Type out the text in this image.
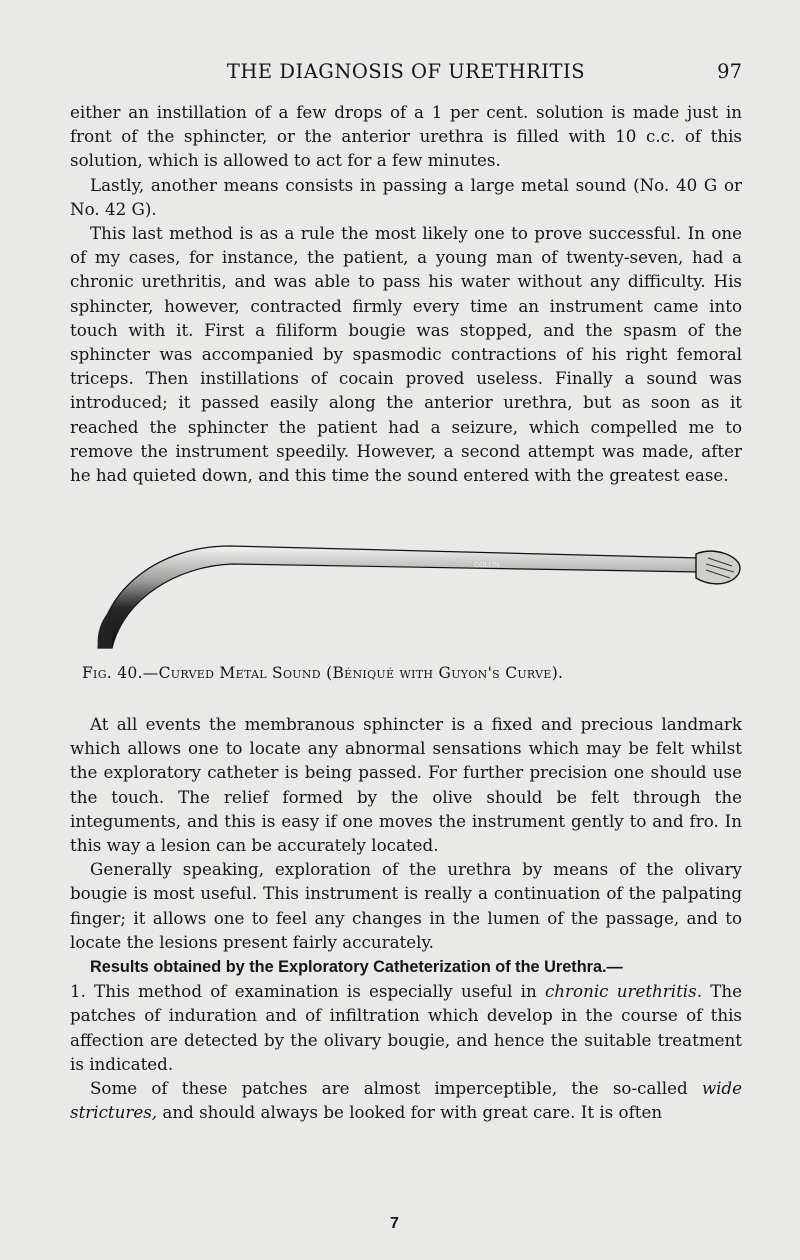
THE DIAGNOSIS OF URETHRITIS	97

either an instillation of a few drops of a 1 per cent. solution is made just in front of the sphincter, or the anterior urethra is filled with 10 c.c. of this solution, which is allowed to act for a few minutes.

Lastly, another means consists in passing a large metal sound (No. 40 G or No. 42 G).

This last method is as a rule the most likely one to prove successful. In one of my cases, for instance, the patient, a young man of twenty-seven, had a chronic urethritis, and was able to pass his water without any difficulty. His sphincter, however, contracted firmly every time an instrument came into touch with it. First a filiform bougie was stopped, and the spasm of the sphincter was accompanied by spasmodic contractions of his right femoral triceps. Then instillations of cocain proved useless. Finally a sound was introduced; it passed easily along the anterior urethra, but as soon as it reached the sphincter the patient had a seizure, which compelled me to remove the instrument speedily. However, a second attempt was made, after he had quieted down, and this time the sound entered with the greatest ease.

COLLIN
Fig. 40.—Curved Metal Sound (Béniqué with Guyon's Curve).

At all events the membranous sphincter is a fixed and precious landmark which allows one to locate any abnormal sensations which may be felt whilst the exploratory catheter is being passed. For further precision one should use the touch. The relief formed by the olive should be felt through the integuments, and this is easy if one moves the instrument gently to and fro. In this way a lesion can be accurately located.

Generally speaking, exploration of the urethra by means of the olivary bougie is most useful. This instrument is really a continuation of the palpating finger; it allows one to feel any changes in the lumen of the passage, and to locate the lesions present fairly accurately.

Results obtained by the Exploratory Catheterization of the Urethra.—
1. This method of examination is especially useful in chronic urethritis. The patches of induration and of infiltration which develop in the course of this affection are detected by the olivary bougie, and hence the suitable treatment is indicated.

Some of these patches are almost imperceptible, the so-called wide strictures, and should always be looked for with great care. It is often

7
